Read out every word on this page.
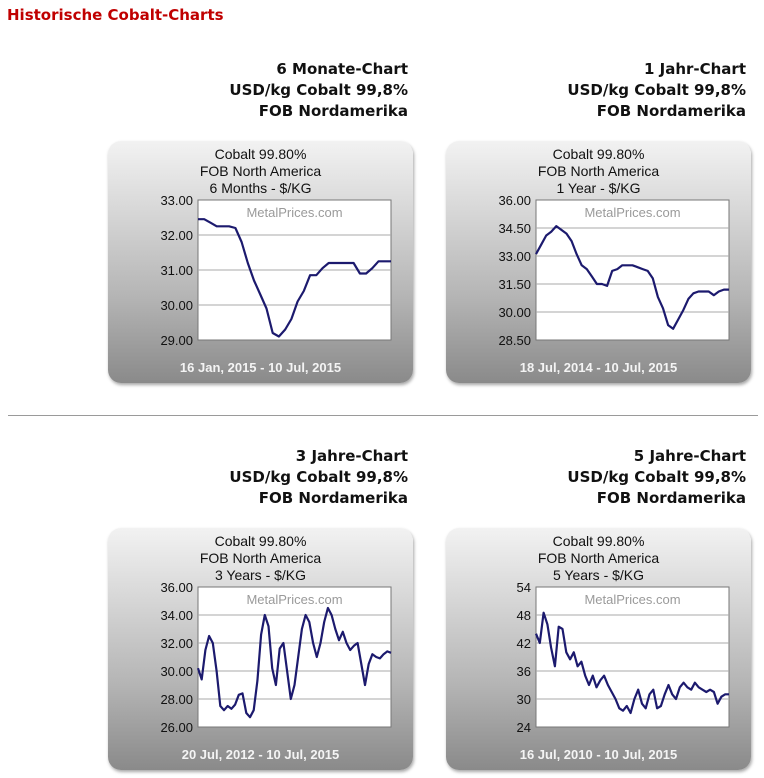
Historische Cobalt-Charts
6 Monate-Chart
USD/kg Cobalt 99,8%
FOB Nordamerika
Cobalt 99.80%
FOB North America
6 Months - $/KG
33.00
32.00
31.00
30.00
29.00
MetalPrices.com
16 Jan, 2015 - 10 Jul, 2015
1 Jahr-Chart
USD/kg Cobalt 99,8%
FOB Nordamerika
Cobalt 99.80%
FOB North America
1 Year - $/KG
36.00
34.50
33.00
31.50
30.00
28.50
MetalPrices.com
18 Jul, 2014 - 10 Jul, 2015
3 Jahre-Chart
USD/kg Cobalt 99,8%
FOB Nordamerika
Cobalt 99.80%
FOB North America
3 Years - $/KG
36.00
34.00
32.00
30.00
28.00
26.00
MetalPrices.com
20 Jul, 2012 - 10 Jul, 2015
5 Jahre-Chart
USD/kg Cobalt 99,8%
FOB Nordamerika
Cobalt 99.80%
FOB North America
5 Years - $/KG
54
48
42
36
30
24
MetalPrices.com
16 Jul, 2010 - 10 Jul, 2015
